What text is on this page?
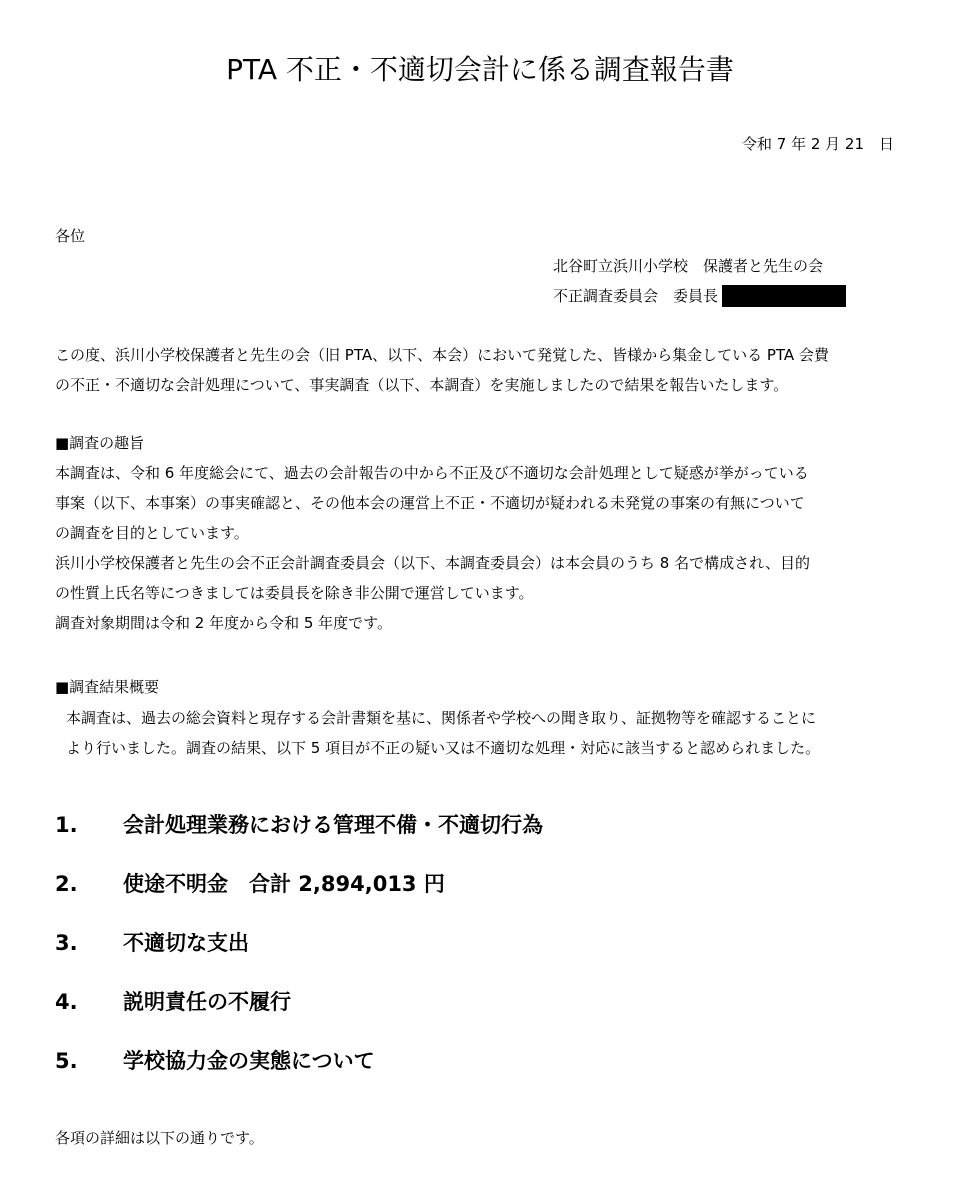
PTA 不正・不適切会計に係る調査報告書
令和 7 年 2 月 21　日
各位
北谷町立浜川小学校　保護者と先生の会
不正調査委員会　委員長

この度、浜川小学校保護者と先生の会（旧 PTA、以下、本会）において発覚した、皆様から集金している PTA 会費

の不正・不適切な会計処理について、事実調査（以下、本調査）を実施しましたので結果を報告いたします。

■調査の趣旨

本調査は、令和 6 年度総会にて、過去の会計報告の中から不正及び不適切な会計処理として疑惑が挙がっている

事案（以下、本事案）の事実確認と、その他本会の運営上不正・不適切が疑われる未発覚の事案の有無について

の調査を目的としています。

浜川小学校保護者と先生の会不正会計調査委員会（以下、本調査委員会）は本会員のうち 8 名で構成され、目的

の性質上氏名等につきましては委員長を除き非公開で運営しています。

調査対象期間は令和 2 年度から令和 5 年度です。

■調査結果概要

本調査は、過去の総会資料と現存する会計書類を基に、関係者や学校への聞き取り、証拠物等を確認することに

より行いました。調査の結果、以下 5 項目が不正の疑い又は不適切な処理・対応に該当すると認められました。

1. 会計処理業務における管理不備・不適切行為
2. 使途不明金　合計 2,894,013 円
3. 不適切な支出
4. 説明責任の不履行
5. 学校協力金の実態について
各項の詳細は以下の通りです。
